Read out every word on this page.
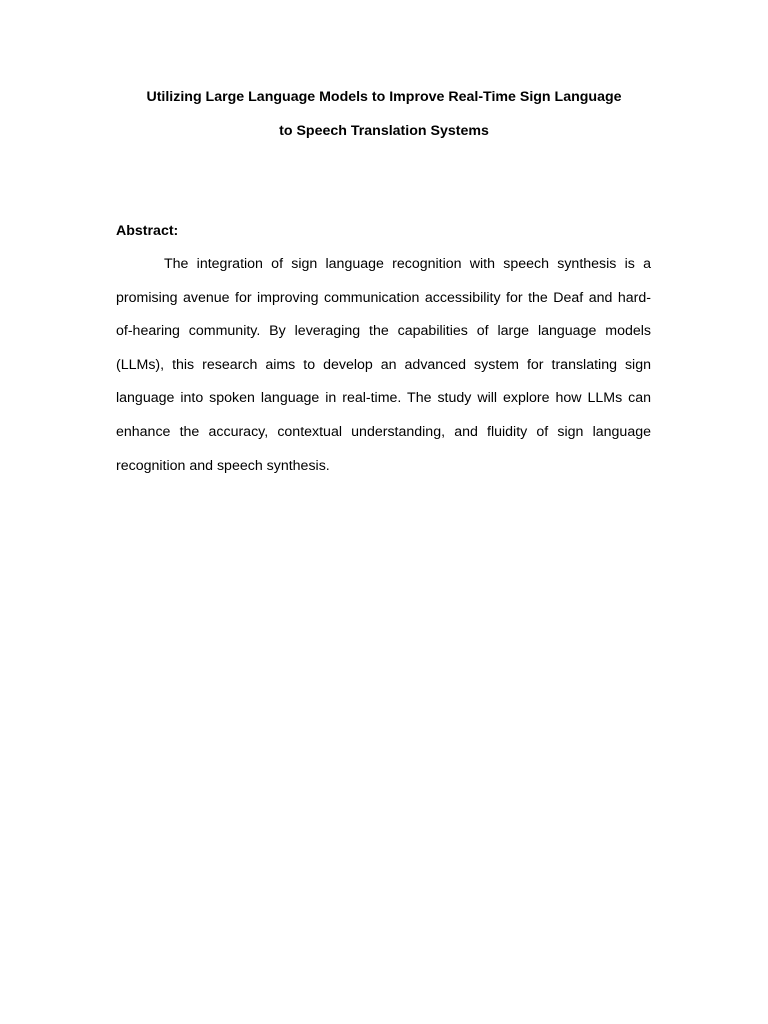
Utilizing Large Language Models to Improve Real-Time Sign Language
to Speech Translation Systems
Abstract:

The integration of sign language recognition with speech synthesis is a promising avenue for improving communication accessibility for the Deaf and hard-of-hearing community. By leveraging the capabilities of large language models (LLMs), this research aims to develop an advanced system for translating sign language into spoken language in real-time. The study will explore how LLMs can enhance the accuracy, contextual understanding, and fluidity of sign language recognition and speech synthesis.
